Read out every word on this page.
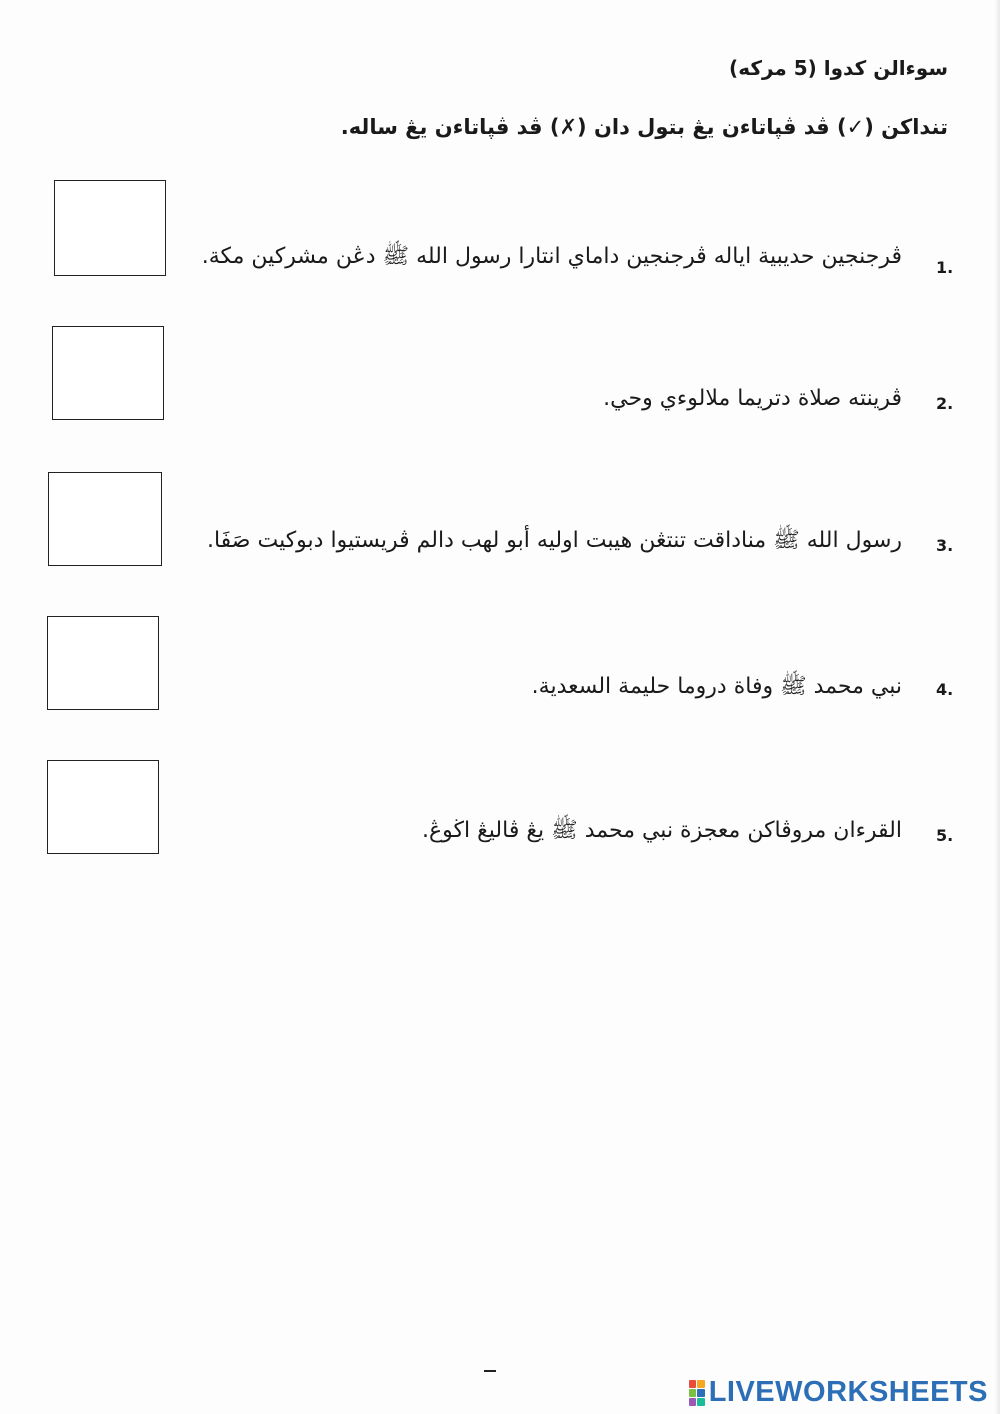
سوءالن كدوا (5 مركه)
تنداكن (✓) ڤد ڤپاتاءن يڠ بتول دان (✗) ڤد ڤپاتاءن يڠ ساله.
ڤرجنجين حديبية اياله ڤرجنجين داماي انتارا رسول الله ﷺ دڠن مشركين مكة. 1.
ڤرينته صلاة دتريما ملالوءي وحي. 2.
رسول الله ﷺ مناداقت تنتڠن هيبت اوليه أبو لهب دالم ڤريستيوا دبوكيت صَفَا. 3.
نبي محمد ﷺ وفاة دروما حليمة السعدية. 4.
القرءان مروڤاكن معجزة نبي محمد ﷺ يڠ ڤاليڠ اڬوڠ. 5.
LIVEWORKSHEETS
